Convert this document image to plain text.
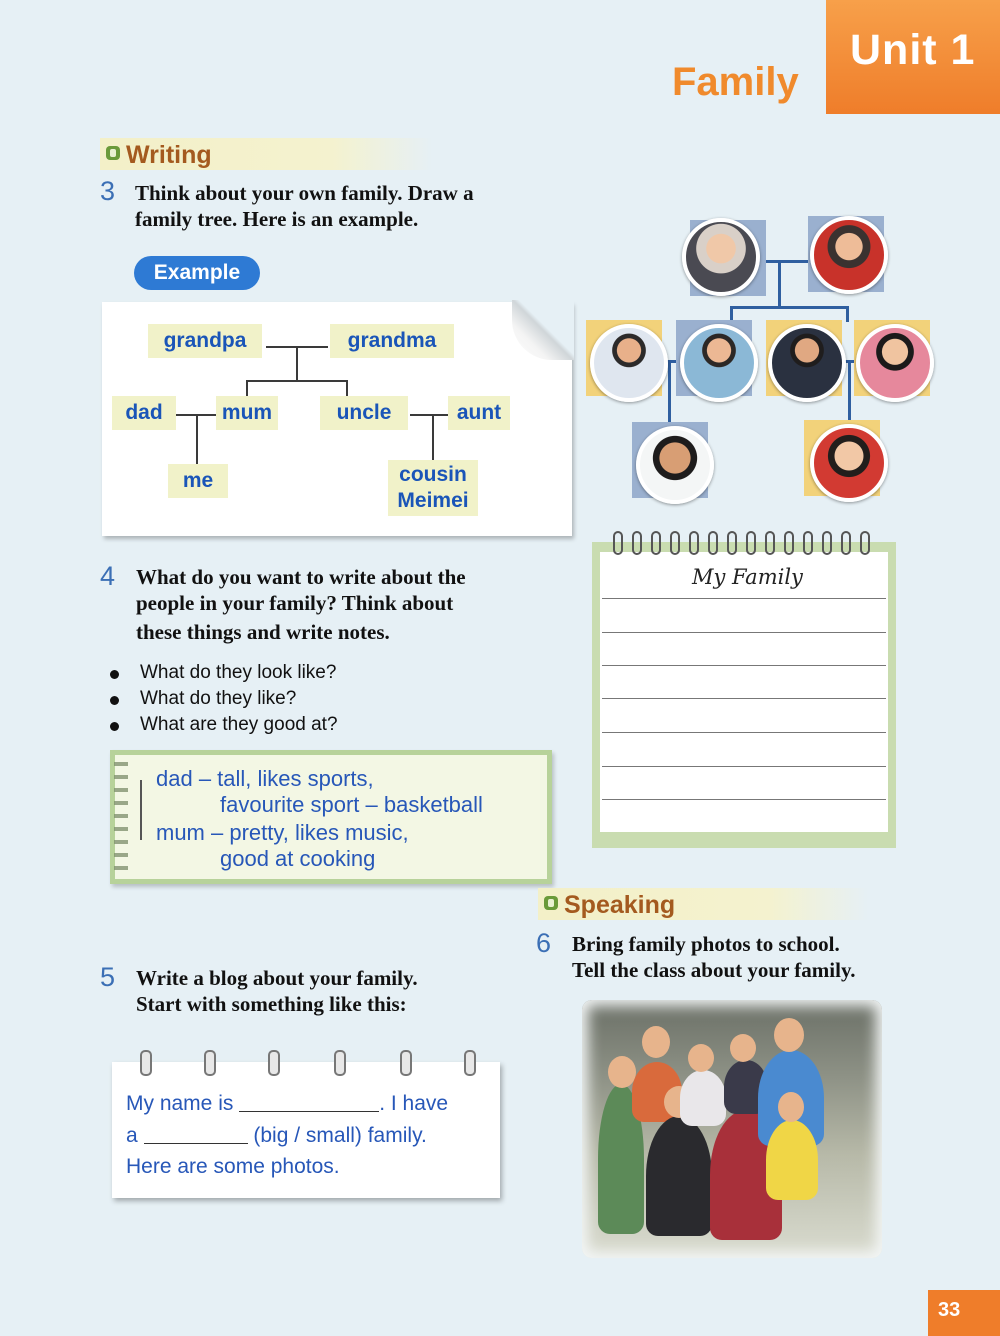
Unit 1
Family
Writing
3 Think about your own family. Draw a
family tree. Here is an example.
Example
grandpa	grandma
dad	mum	uncle	aunt
me	cousin
Meimei
4 What do you want to write about the
people in your family? Think about
these things and write notes.
What do they look like?
What do they like?
What are they good at?
dad – tall, likes sports,
favourite sport – basketball
mum – pretty, likes music,
good at cooking
My Family
Speaking
6 Bring family photos to school.
Tell the class about your family.
5 Write a blog about your family.
Start with something like this:
My name is	. I have
a	(big / small) family.
Here are some photos.
33
